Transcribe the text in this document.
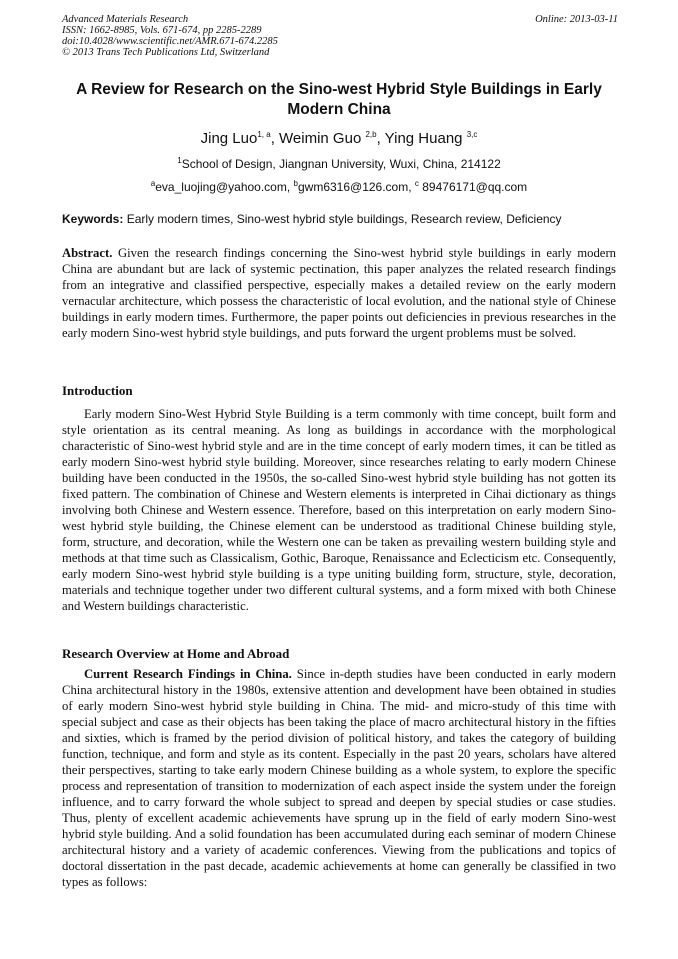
Advanced Materials Research
ISSN: 1662-8985, Vols. 671-674, pp 2285-2289
doi:10.4028/www.scientific.net/AMR.671-674.2285
© 2013 Trans Tech Publications Ltd, Switzerland
Online: 2013-03-11
A Review for Research on the Sino-west Hybrid Style Buildings in Early Modern China
Jing Luo$^{1, a}$, Weimin Guo $^{2,b}$, Ying Huang $^{3,c}$
$^1$School of Design, Jiangnan University, Wuxi, China, 214122
$^a$eva_luojing@yahoo.com, $^b$gwm6316@126.com, $^c$ 89476171@qq.com
Keywords: Early modern times, Sino-west hybrid style buildings, Research review, Deficiency
Abstract. Given the research findings concerning the Sino-west hybrid style buildings in early modern China are abundant but are lack of systemic pectination, this paper analyzes the related research findings from an integrative and classified perspective, especially makes a detailed review on the early modern vernacular architecture, which possess the characteristic of local evolution, and the national style of Chinese buildings in early modern times. Furthermore, the paper points out deficiencies in previous researches in the early modern Sino-west hybrid style buildings, and puts forward the urgent problems must be solved.
Introduction
Early modern Sino-West Hybrid Style Building is a term commonly with time concept, built form and style orientation as its central meaning. As long as buildings in accordance with the morphological characteristic of Sino-west hybrid style and are in the time concept of early modern times, it can be titled as early modern Sino-west hybrid style building. Moreover, since researches relating to early modern Chinese building have been conducted in the 1950s, the so-called Sino-west hybrid style building has not gotten its fixed pattern. The combination of Chinese and Western elements is interpreted in Cihai dictionary as things involving both Chinese and Western essence. Therefore, based on this interpretation on early modern Sino-west hybrid style building, the Chinese element can be understood as traditional Chinese building style, form, structure, and decoration, while the Western one can be taken as prevailing western building style and methods at that time such as Classicalism, Gothic, Baroque, Renaissance and Eclecticism etc. Consequently, early modern Sino-west hybrid style building is a type uniting building form, structure, style, decoration, materials and technique together under two different cultural systems, and a form mixed with both Chinese and Western buildings characteristic.
Research Overview at Home and Abroad
Current Research Findings in China. Since in-depth studies have been conducted in early modern China architectural history in the 1980s, extensive attention and development have been obtained in studies of early modern Sino-west hybrid style building in China. The mid- and micro-study of this time with special subject and case as their objects has been taking the place of macro architectural history in the fifties and sixties, which is framed by the period division of political history, and takes the category of building function, technique, and form and style as its content. Especially in the past 20 years, scholars have altered their perspectives, starting to take early modern Chinese building as a whole system, to explore the specific process and representation of transition to modernization of each aspect inside the system under the foreign influence, and to carry forward the whole subject to spread and deepen by special studies or case studies. Thus, plenty of excellent academic achievements have sprung up in the field of early modern Sino-west hybrid style building. And a solid foundation has been accumulated during each seminar of modern Chinese architectural history and a variety of academic conferences. Viewing from the publications and topics of doctoral dissertation in the past decade, academic achievements at home can generally be classified in two types as follows:
